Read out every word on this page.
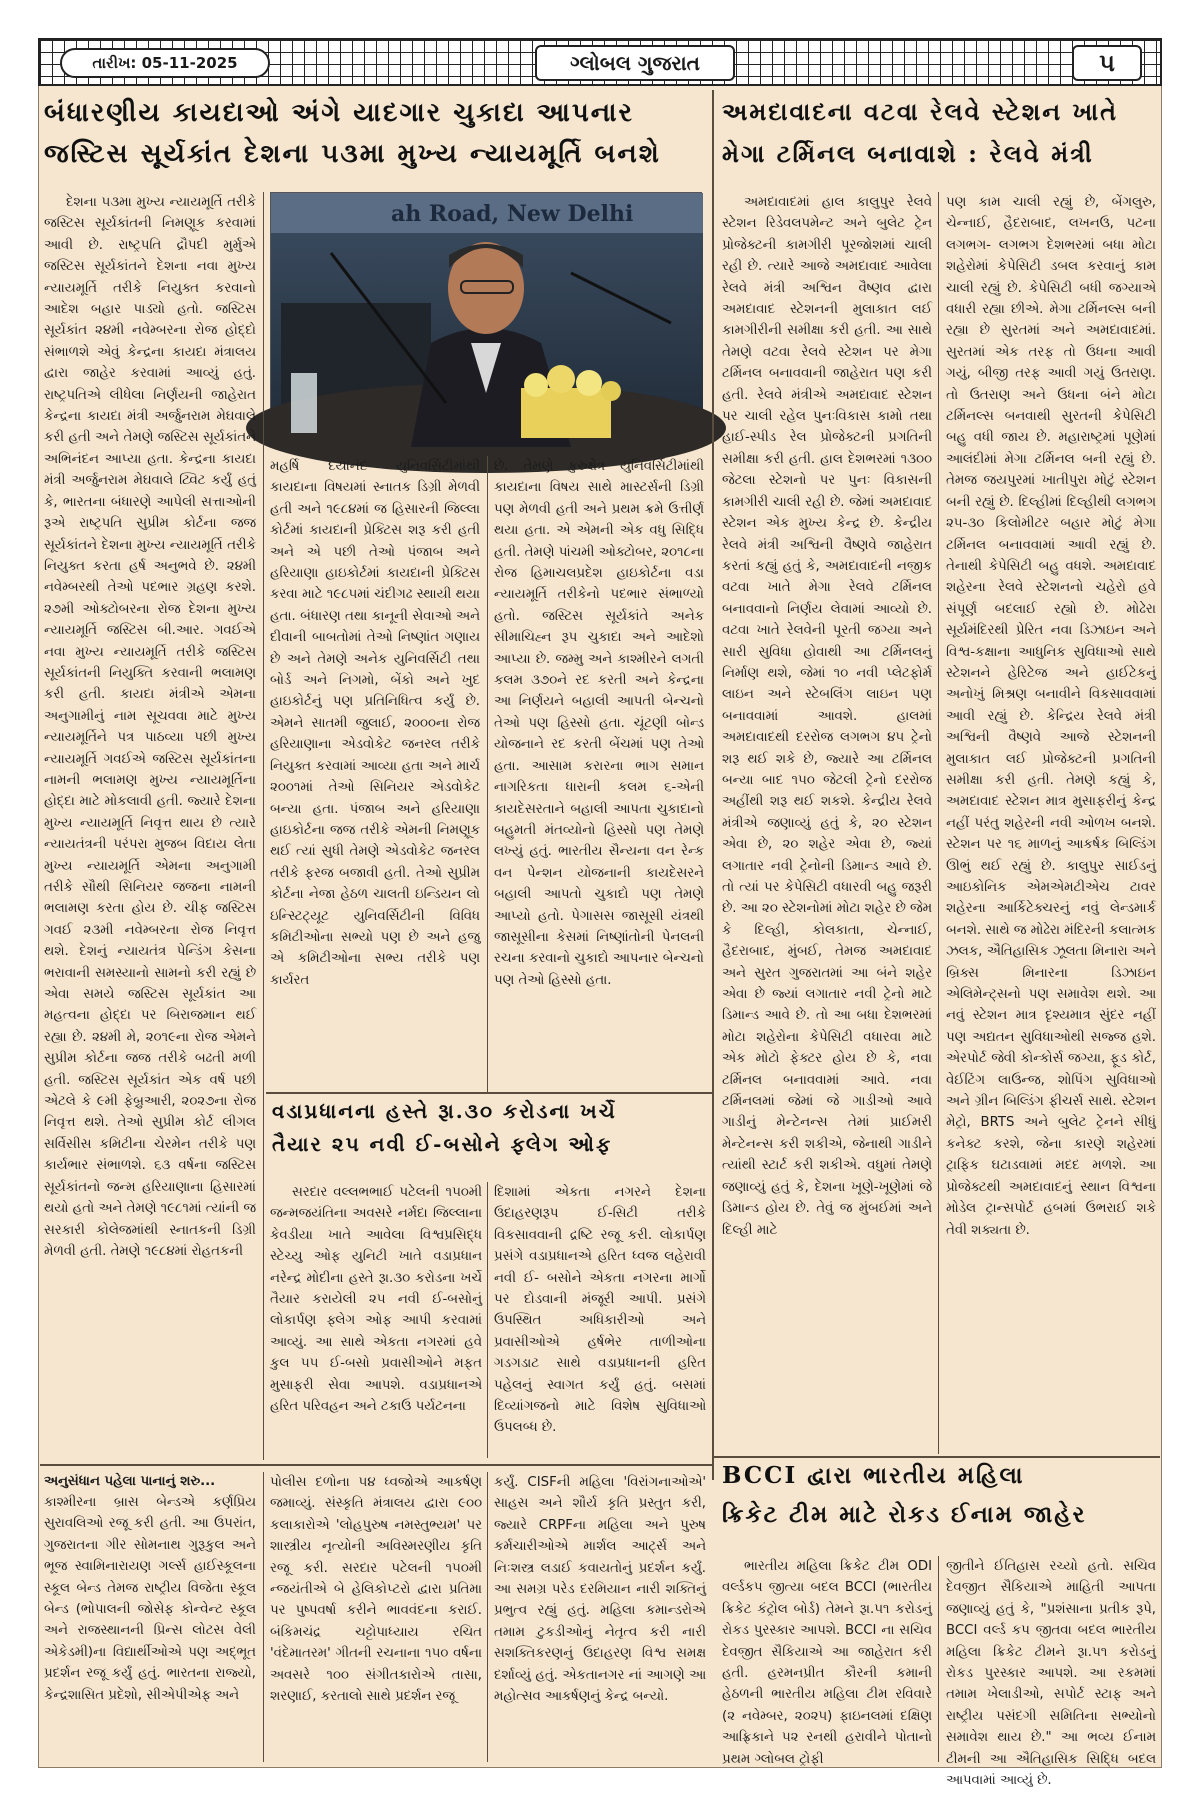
તારીખ: 05-11-2025	ગ્લોબલ ગુજરાત	૫
બંધારણીય કાયદાઓ અંગે યાદગાર ચુકાદા આપનાર
જસ્ટિસ સૂર્યકાંત દેશના ૫૩મા મુખ્ય ન્યાયમૂર્તિ બનશે
ah Road, New Delhi

દેશના ૫૩મા મુખ્ય ન્યાયમૂર્તિ તરીકે જસ્ટિસ સૂર્યકાંતની નિમણૂક કરવામાં આવી છે. રાષ્ટ્રપતિ દ્રૌપદી મુર્મુએ જસ્ટિસ સૂર્યકાંતને દેશના નવા મુખ્ય ન્યાયમૂર્તિ તરીકે નિયુક્ત કરવાનો આદેશ બહાર પાડ્યો હતો. જસ્ટિસ સૂર્યકાંત ૨૪મી નવેમ્બરના રોજ હોદ્દો સંભાળશે એવું કેન્દ્રના કાયદા મંત્રાલય દ્વારા જાહેર કરવામાં આવ્યું હતું. રાષ્ટ્રપતિએ લીધેલા નિર્ણયની જાહેરાત કેન્દ્રના કાયદા મંત્રી અર્જુનરામ મેઘવાલે કરી હતી અને તેમણે જસ્ટિસ સૂર્યકાંતને અભિનંદન આપ્યા હતા. કેન્દ્રના કાયદા મંત્રી અર્જુનરામ મેઘવાલે ટ્વિટ કર્યું હતું કે, ભારતના બંધારણે આપેલી સત્તાઓની રૂએ રાષ્ટ્રપતિ સુપ્રીમ કોર્ટના જજ સૂર્યકાંતને દેશના મુખ્ય ન્યાયમૂર્તિ તરીકે નિયુક્ત કરતા હર્ષ અનુભવે છે. ૨૪મી નવેમ્બરથી તેઓ પદભાર ગ્રહણ કરશે. ૨૭મી ઓક્ટોબરના રોજ દેશના મુખ્ય ન્યાયમૂર્તિ જસ્ટિસ બી.આર. ગવઈએ નવા મુખ્ય ન્યાયમૂર્તિ તરીકે જસ્ટિસ સૂર્યકાંતની નિયુક્તિ કરવાની ભલામણ કરી હતી. કાયદા મંત્રીએ એમના અનુગામીનું નામ સૂચવવા માટે મુખ્ય ન્યાયમૂર્તિને પત્ર પાઠવ્યા પછી મુખ્ય ન્યાયમૂર્તિ ગવઈએ જસ્ટિસ સૂર્યકાંતના નામની ભલામણ મુખ્ય ન્યાયમૂર્તિના હોદ્દા માટે મોકલાવી હતી. જ્યારે દેશના મુખ્ય ન્યાયમૂર્તિ નિવૃત્ત થાય છે ત્યારે ન્યાયતંત્રની પરંપરા મુજબ વિદાય લેતા મુખ્ય ન્યાયમૂર્તિ એમના અનુગામી તરીકે સૌથી સિનિયર જજના નામની ભલામણ કરતા હોય છે. ચીફ જસ્ટિસ ગવઈ ૨૩મી નવેમ્બરના રોજ નિવૃત્ત થશે. દેશનું ન્યાયતંત્ર પેન્ડિંગ કેસના ભરાવાની સમસ્યાનો સામનો કરી રહ્યું છે એવા સમયે જસ્ટિસ સૂર્યકાંત આ મહત્વના હોદ્દા પર બિરાજમાન થઈ રહ્યા છે. ૨૪મી મે, ૨૦૧૯ના રોજ એમને સુપ્રીમ કોર્ટના જજ તરીકે બઢતી મળી હતી. જસ્ટિસ સૂર્યકાંત એક વર્ષ પછી એટલે કે ૯મી ફેબ્રુઆરી, ૨૦૨૭ના રોજ નિવૃત્ત થશે. તેઓ સુપ્રીમ કોર્ટ લીગલ સર્વિસીસ કમિટીના ચેરમેન તરીકે પણ કાર્યભાર સંભાળશે. ૬૩ વર્ષના જસ્ટિસ સૂર્યકાંતનો જન્મ હરિયાણાના હિસારમાં થયો હતો અને તેમણે ૧૯૮૧માં ત્યાંની જ સરકારી કોલેજમાંથી સ્નાતકની ડિગ્રી મેળવી હતી. તેમણે ૧૯૮૪માં રોહતકની

મહર્ષિ દયાનંદ યુનિવર્સિટીમાંથી કાયદાના વિષયમાં સ્નાતક ડિગ્રી મેળવી હતી અને ૧૯૮૪માં જ હિસારની જિલ્લા કોર્ટમાં કાયદાની પ્રેક્ટિસ શરૂ કરી હતી અને એ પછી તેઓ પંજાબ અને હરિયાણા હાઇકોર્ટમાં કાયદાની પ્રેક્ટિસ કરવા માટે ૧૯૮૫માં ચંદીગઢ સ્થાયી થયા હતા. બંધારણ તથા કાનૂની સેવાઓ અને દીવાની બાબતોમાં તેઓ નિષ્ણાંત ગણાય છે અને તેમણે અનેક યુનિવર્સિટી તથા બોર્ડ અને નિગમો, બેંકો અને ખુદ હાઇકોર્ટનું પણ પ્રતિનિધિત્વ કર્યું છે. એમને સાતમી જુલાઈ, ૨૦૦૦ના રોજ હરિયાણાના એડવોકેટ જનરલ તરીકે નિયુક્ત કરવામાં આવ્યા હતા અને માર્ચ ૨૦૦૧માં તેઓ સિનિયર એડવોકેટ બન્યા હતા. પંજાબ અને હરિયાણા હાઇકોર્ટના જજ તરીકે એમની નિમણૂક થઈ ત્યાં સુધી તેમણે એડવોકેટ જનરલ તરીકે ફરજ બજાવી હતી. તેઓ સુપ્રીમ કોર્ટના નેજા હેઠળ ચાલતી ઇન્ડિયન લો ઇન્સ્ટિટ્યૂટ યુનિવર્સિટીની વિવિધ કમિટીઓના સભ્યો પણ છે અને હજુ એ કમિટીઓના સભ્ય તરીકે પણ કાર્યરત

છે. તેમણે કુરુક્ષેત્ર યુનિવર્સિટીમાંથી કાયદાના વિષય સાથે માસ્ટર્સની ડિગ્રી પણ મેળવી હતી અને પ્રથમ ક્રમે ઉત્તીર્ણ થયા હતા. એ એમની એક વધુ સિદ્ધિ હતી. તેમણે પાંચમી ઓક્ટોબર, ૨૦૧૮ના રોજ હિમાચલપ્રદેશ હાઇકોર્ટના વડા ન્યાયમૂર્તિ તરીકેનો પદભાર સંભાળ્યો હતો. જસ્ટિસ સૂર્યકાંતે અનેક સીમાચિહ્ન રૂપ ચુકાદા અને આદેશો આપ્યા છે. જમ્મુ અને કાશ્મીરને લગતી કલમ ૩૭૦ને રદ કરતી અને કેન્દ્રના આ નિર્ણયને બહાલી આપતી બેન્ચનો તેઓ પણ હિસ્સો હતા. ચૂંટણી બોન્ડ યોજનાને રદ કરતી બેંચમાં પણ તેઓ હતા. આસામ કરારના ભાગ સમાન નાગરિકતા ધારાની કલમ ૬-એની કાયદેસરતાને બહાલી આપતા ચુકાદાનો બહુમતી મંતવ્યોનો હિસ્સો પણ તેમણે લખ્યું હતું. ભારતીય સૈન્યના વન રેન્ક વન પેન્શન યોજનાની કાયદેસરને બહાલી આપતો ચુકાદો પણ તેમણે આપ્યો હતો. પેગાસસ જાસૂસી યંત્રથી જાસૂસીના કેસમાં નિષ્ણાંતોની પેનલની રચના કરવાનો ચુકાદો આપનાર બેન્ચનો પણ તેઓ હિસ્સો હતા.

અમદાવાદના વટવા રેલવે સ્ટેશન ખાતે
મેગા ટર્મિનલ બનાવાશે : રેલવે મંત્રી

અમદાવાદમાં હાલ કાલુપુર રેલવે સ્ટેશન રિડેવલપમેન્ટ અને બુલેટ ટ્રેન પ્રોજેક્ટની કામગીરી પૂરજોશમાં ચાલી રહી છે. ત્યારે આજે અમદાવાદ આવેલા રેલવે મંત્રી અશ્વિન વૈષ્ણવ દ્વારા અમદાવાદ સ્ટેશનની મુલાકાત લઈ કામગીરીની સમીક્ષા કરી હતી. આ સાથે તેમણે વટવા રેલવે સ્ટેશન પર મેગા ટર્મિનલ બનાવવાની જાહેરાત પણ કરી હતી. રેલવે મંત્રીએ અમદાવાદ સ્ટેશન પર ચાલી રહેલ પુનઃવિકાસ કામો તથા હાઈ-સ્પીડ રેલ પ્રોજેક્ટની પ્રગતિની સમીક્ષા કરી હતી. હાલ દેશભરમાં ૧૩૦૦ જેટલા સ્ટેશનો પર પુનઃ વિકાસની કામગીરી ચાલી રહી છે. જેમાં અમદાવાદ સ્ટેશન એક મુખ્ય કેન્દ્ર છે. કેન્દ્રીય રેલવે મંત્રી અશ્વિની વૈષ્ણવે જાહેરાત કરતાં કહ્યું હતું કે, અમદાવાદની નજીક વટવા ખાતે મેગા રેલવે ટર્મિનલ બનાવવાનો નિર્ણય લેવામાં આવ્યો છે. વટવા ખાતે રેલવેની પૂરતી જગ્યા અને સારી સુવિધા હોવાથી આ ટર્મિનલનું નિર્માણ થશે, જેમાં ૧૦ નવી પ્લેટફોર્મ લાઇન અને સ્ટેબલિંગ લાઇન પણ બનાવવામાં આવશે. હાલમાં અમદાવાદથી દરરોજ લગભગ ૪૫ ટ્રેનો શરૂ થઈ શકે છે, જ્યારે આ ટર્મિનલ બન્યા બાદ ૧૫૦ જેટલી ટ્રેનો દરરોજ અહીંથી શરૂ થઈ શકશે. કેન્દ્રીય રેલવે મંત્રીએ જણાવ્યું હતું કે, ૨૦ સ્ટેશન એવા છે, ૨૦ શહેર એવા છે, જ્યાં લગાતાર નવી ટ્રેનોની ડિમાન્ડ આવે છે. તો ત્યાં પર કેપેસિટી વધારવી બહુ જરૂરી છે. આ ૨૦ સ્ટેશનોમાં મોટા શહેર છે જેમ કે દિલ્હી, કોલકાતા, ચેન્નાઈ, હૈદરાબાદ, મુંબઈ, તેમજ અમદાવાદ અને સુરત ગુજરાતમાં આ બંને શહેર એવા છે જ્યાં લગાતાર નવી ટ્રેનો માટે ડિમાન્ડ આવે છે. તો આ બધા દેશભરમાં મોટા શહેરોના કેપેસિટી વધારવા માટે એક મોટો ફેક્ટર હોય છે કે, નવા ટર્મિનલ બનાવવામાં આવે. નવા ટર્મિનલમાં જેમાં જે ગાડીઓ આવે ગાડીનું મેન્ટેનન્સ તેમાં પ્રાઈમરી મેન્ટેનન્સ કરી શકીએ, જેનાથી ગાડીને ત્યાંથી સ્ટાર્ટ કરી શકીએ. વધુમાં તેમણે જણાવ્યું હતું કે, દેશના ખૂણે-ખૂણેમાં જે ડિમાન્ડ હોય છે. તેવું જ મુંબઈમાં અને દિલ્હી માટે

પણ કામ ચાલી રહ્યું છે, બેંગલુરુ, ચેન્નાઈ, હૈદરાબાદ, લખનઉ, પટના લગભગ- લગભગ દેશભરમાં બધા મોટા શહેરોમાં કેપેસિટી ડબલ કરવાનું કામ ચાલી રહ્યું છે. કેપેસિટી બધી જગ્યાએ વધારી રહ્યા છીએ. મેગા ટર્મિનલ્સ બની રહ્યા છે સુરતમાં અને અમદાવાદમાં. સુરતમાં એક તરફ તો ઉધના આવી ગયું, બીજી તરફ આવી ગયું ઉતરાણ. તો ઉતરાણ અને ઉધના બંને મોટા ટર્મિનલ્સ બનવાથી સુરતની કેપેસિટી બહુ વધી જાય છે. મહારાષ્ટ્રમાં પૂણેમાં આલંદીમાં મેગા ટર્મિનલ બની રહ્યું છે. તેમજ જયપુરમાં ખાતીપુરા મોટું સ્ટેશન બની રહ્યું છે. દિલ્હીમાં દિલ્હીથી લગભગ ૨૫-૩૦ કિલોમીટર બહાર મોટું મેગા ટર્મિનલ બનાવવામાં આવી રહ્યું છે. તેનાથી કેપેસિટી બહુ વધશે. અમદાવાદ શહેરના રેલવે સ્ટેશનનો ચહેરો હવે સંપૂર્ણ બદલાઈ રહ્યો છે. મોઢેરા સૂર્યમંદિરથી પ્રેરિત નવા ડિઝાઇન અને વિશ્વ-કક્ષાના આધુનિક સુવિધાઓ સાથે સ્ટેશનને હેરિટેજ અને હાઈટેકનું અનોખું મિશ્રણ બનાવીને વિકસાવવામાં આવી રહ્યું છે. કેન્દ્રિય રેલવે મંત્રી અશ્વિની વૈષ્ણવે આજે સ્ટેશનની મુલાકાત લઈ પ્રોજેક્ટની પ્રગતિની સમીક્ષા કરી હતી. તેમણે કહ્યું કે, અમદાવાદ સ્ટેશન માત્ર મુસાફરીનું કેન્દ્ર નહીં પરંતુ શહેરની નવી ઓળખ બનશે. સ્ટેશન પર ૧૬ માળનું આકર્ષક બિલ્ડિંગ ઊભું થઈ રહ્યું છે. કાલુપુર સાઈડનું આઇકોનિક એમએમટીએચ ટાવર શહેરના આર્કિટેક્ચરનું નવું લેન્ડમાર્ક બનશે. સાથે જ મોઢેરા મંદિરની કલાત્મક ઝલક, ઐતિહાસિક ઝૂલતા મિનારા અને બ્રિક્સ મિનારના ડિઝાઇન એલિમેન્ટ્સનો પણ સમાવેશ થશે. આ નવું સ્ટેશન માત્ર દૃશ્યમાત્ર સુંદર નહીં પણ અદ્યતન સુવિધાઓથી સજ્જ હશે. એરપોર્ટ જેવી કોન્કોર્સ જગ્યા, ફૂડ કોર્ટ, વેઈટિંગ લાઉન્જ, શોપિંગ સુવિધાઓ અને ગ્રીન બિલ્ડિંગ ફીચર્સ સાથે. સ્ટેશન મેટ્રો, BRTS અને બુલેટ ટ્રેનને સીધું કનેક્ટ કરશે, જેના કારણે શહેરમાં ટ્રાફિક ઘટાડવામાં મદદ મળશે. આ પ્રોજેક્ટથી અમદાવાદનું સ્થાન વિશ્વના મોડેલ ટ્રાન્સપોર્ટ હબમાં ઉભરાઈ શકે તેવી શક્યતા છે.

વડાપ્રધાનના હસ્તે રૂા.૩૦ કરોડના ખર્ચે
તૈયાર ૨૫ નવી ઈ-બસોને ફ્લેગ ઓફ

સરદાર વલ્લભભાઈ પટેલની ૧૫૦મી જન્મજયંતિના અવસરે નર્મદા જિલ્લાના કેવડીયા ખાતે આવેલા વિશ્વપ્રસિદ્ધ સ્ટેચ્યુ ઓફ યુનિટી ખાતે વડાપ્રધાન નરેન્દ્ર મોદીના હસ્તે રૂા.૩૦ કરોડના ખર્ચે તૈયાર કરાયેલી ૨૫ નવી ઈ-બસોનું લોકાર્પણ ફ્લેગ ઓફ આપી કરવામાં આવ્યું. આ સાથે એકતા નગરમાં હવે કુલ ૫૫ ઈ-બસો પ્રવાસીઓને મફત મુસાફરી સેવા આપશે. વડાપ્રધાનએ હરિત પરિવહન અને ટકાઉ પર્યટનના

દિશામાં એકતા નગરને દેશના ઉદાહરણરૂપ ઈ-સિટી તરીકે વિકસાવવાની દ્રષ્ટિ રજૂ કરી. લોકાર્પણ પ્રસંગે વડાપ્રધાનએ હરિત ધ્વજ લહેરાવી નવી ઈ- બસોને એકતા નગરના માર્ગો પર દોડવાની મંજૂરી આપી. પ્રસંગે ઉપસ્થિત અધિકારીઓ અને પ્રવાસીઓએ હર્ષભેર તાળીઓના ગડગડાટ સાથે વડાપ્રધાનની હરિત પહેલનું સ્વાગત કર્યું હતું. બસમાં દિવ્યાંગજનો માટે વિશેષ સુવિધાઓ ઉપલબ્ધ છે.

BCCI દ્વારા ભારતીય મહિલા
ક્રિકેટ ટીમ માટે રોકડ ઈનામ જાહેર

ભારતીય મહિલા ક્રિકેટ ટીમ ODI વર્લ્ડકપ જીત્યા બદલ BCCI (ભારતીય ક્રિકેટ કંટ્રોલ બોર્ડ) તેમને રૂા.૫૧ કરોડનું રોકડ પુરસ્કાર આપશે. BCCI ના સચિવ દેવજીત સૈકિયાએ આ જાહેરાત કરી હતી. હરમનપ્રીત કૌરની કમાની હેઠળની ભારતીય મહિલા ટીમ રવિવારે (૨ નવેમ્બર, ૨૦૨૫) ફાઇનલમાં દક્ષિણ આફ્રિકાને ૫૨ રનથી હરાવીને પોતાનો પ્રથમ ગ્લોબલ ટ્રોફી

જીતીને ઈતિહાસ રચ્યો હતો. સચિવ દેવજીત સૈકિયાએ માહિતી આપતા જણાવ્યું હતું કે, "પ્રશંસાના પ્રતીક રૂપે, BCCI વર્લ્ડ કપ જીતવા બદલ ભારતીય મહિલા ક્રિકેટ ટીમને રૂા.૫૧ કરોડનું રોકડ પુરસ્કાર આપશે. આ રકમમાં તમામ ખેલાડીઓ, સપોર્ટ સ્ટાફ અને રાષ્ટ્રીય પસંદગી સમિતિના સભ્યોનો સમાવેશ થાય છે." આ ભવ્ય ઈનામ ટીમની આ ઐતિહાસિક સિદ્ધિ બદલ આપવામાં આવ્યું છે.

અનુસંધાન પહેલા પાનાનું શરુ...

કાશ્મીરના બ્રાસ બેન્ડએ કર્ણપ્રિય સુરાવલિઓ રજૂ કરી હતી. આ ઉપરાંત, ગુજરાતના ગીર સોમનાથ ગુરૂકુલ અને ભૂજ સ્વામિનારાયણ ગર્લ્સ હાઈસ્કૂલના સ્કૂલ બેન્ડ તેમજ રાષ્ટ્રીય વિજેતા સ્કૂલ બેન્ડ (ભોપાલની જોસેફ કોન્વેન્ટ સ્કૂલ અને રાજસ્થાનની પ્રિન્સ લોટસ વેલી એકેડમી)ના વિદ્યાર્થીઓએ પણ અદ્ભૂત પ્રદર્શન રજૂ કર્યું હતું. ભારતના રાજ્યો, કેન્દ્રશાસિત પ્રદેશો, સીએપીએફ અને

પોલીસ દળોના ૫૪ ધ્વજોએ આકર્ષણ જમાવ્યું. સંસ્કૃતિ મંત્રાલય દ્વારા ૯૦૦ કલાકારોએ 'લોહપુરુષ નમસ્તુભ્યમ' પર શાસ્ત્રીય નૃત્યોની અવિસ્મરણીય કૃતિ રજૂ કરી. સરદાર પટેલની ૧૫૦મી ન્જયંતીએ બે હેલિકોપ્ટરો દ્વારા પ્રતિમા પર પુષ્પવર્ષા કરીને ભાવવંદના કરાઈ. બંકિમચંદ્ર ચટ્ટોપાધ્યાય રચિત 'વંદેમાતરમ' ગીતની રચનાના ૧૫૦ વર્ષના અવસરે ૧૦૦ સંગીતકારોએ તાસા, શરણાઈ, કરતાલો સાથે પ્રદર્શન રજૂ

કર્યું. CISFની મહિલા 'વિરાંગનાઓએ' સાહસ અને શૌર્ય કૃતિ પ્રસ્તુત કરી, જ્યારે CRPFના મહિલા અને પુરુષ કર્મચારીઓએ માર્શલ આર્ટ્સ અને નિઃશસ્ત્ર લડાઈ કવાયતોનું પ્રદર્શન કર્યું. આ સમગ્ર પરેડ દરમિયાન નારી શક્તિનું પ્રભુત્વ રહ્યું હતું. મહિલા કમાન્ડરોએ તમામ ટુકડીઓનું નેતૃત્વ કરી નારી સશક્તિકરણનું ઉદાહરણ વિશ્વ સમક્ષ દર્શાવ્યું હતું. એકતાનગર નાં આગણે આ મહોત્સવ આકર્ષણનું કેન્દ્ર બન્યો.
